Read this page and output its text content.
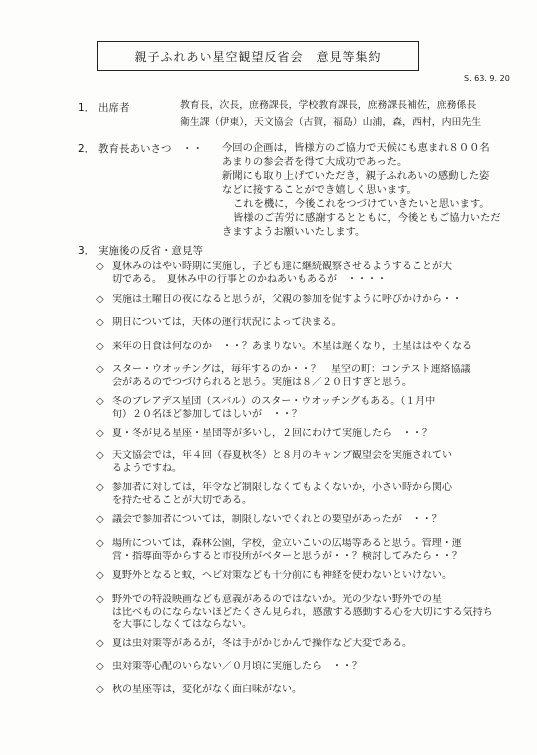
親子ふれあい星空観望反省会　意見等集約
S. 63. 9. 20
1． 出席者	教育長，次長，庶務課長，学校教育課長，庶務課長補佐，庶務係長
衛生課（伊東），天文協会（古賀，福島）山浦，森，西村，内田先生
2． 教育長あいさつ　・・ 今回の企画は，皆様方のご協力で天候にも恵まれ８００名
あまりの参会者を得て大成功であった。
新聞にも取り上げていただき，親子ふれあいの感動した姿
などに接することができ嬉しく思います。
これを機に，今後これをつづけていきたいと思います。
皆様のご苦労に感謝するとともに，今後ともご協力いただ
きますようお願いいたします。
3． 実施後の反省・意見等
◇ 夏休みのはやい時期に実施し，子ども達に継続観察させるようすることが大
切である。　夏休み中の行事とのかねあいもあるが　・・・・
◇ 実施は土曜日の夜になると思うが，父親の参加を促すように呼びかけから・・
◇ 期日については，天体の運行状況によって決まる。
◇ 来年の日食は何なのか　・・？あまりない。木星は遅くなり，土星ははやくなる
◇ スター・ウオッチングは，毎年するのか・・？　星空の町：コンテスト連絡協議
会があるのでつづけられると思う。実施は８／２０日すぎと思う。
◇ 冬のプレアデス星団（スバル）のスター・ウオッチングもある。（１月中
旬）２０名ほど参加してはしいが　・・？
◇ 夏・冬が見る星座・星団等が多いし，２回にわけて実施したら　・・？
◇ 天文協会では，年４回（春夏秋冬）と８月のキャンプ観望会を実施されてい
るようですね。
◇ 参加者に対しては，年令など制限しなくてもよくないか，小さい時から関心
を持たせることが大切である。
◇ 議会で参加者については，制限しないでくれとの要望があったが　・・？
◇ 場所については，森林公園，学校，金立いこいの広場等あると思う。管理・運
営・指導面等からすると市役所がベターと思うが・・？検討してみたら・・？
◇ 夏野外となると蚊，ヘビ対策なども十分前にも神経を使わないといけない。
◇ 野外での特設映画なども意義があるのではないか。光の少ない野外での星
は比べものにならないほどたくさん見られ，感激する感動する心を大切にする気持ち
を大事にしなくてはならない。
◇ 夏は虫対策等があるが，冬は手がかじかんで操作など大変である。
◇ 虫対策等心配のいらない／０月頃に実施したら　・・？
◇ 秋の星座等は，変化がなく面白味がない。
